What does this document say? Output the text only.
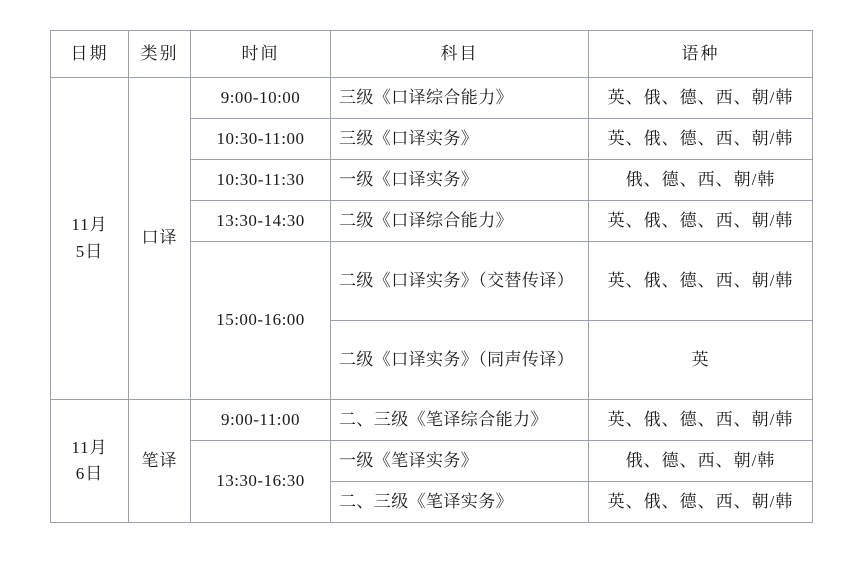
日期	类别	时间	科目	语种

11月
5日	口译	9:00-10:00	三级《口译综合能力》	英、俄、德、西、朝/韩
		10:30-11:00	三级《口译实务》	英、俄、德、西、朝/韩
		10:30-11:30	一级《口译实务》	俄、德、西、朝/韩
		13:30-14:30	二级《口译综合能力》	英、俄、德、西、朝/韩
		15:00-16:00	二级《口译实务》（交替传译）	英、俄、德、西、朝/韩
			二级《口译实务》（同声传译）	英

11月
6日	笔译	9:00-11:00	二、三级《笔译综合能力》	英、俄、德、西、朝/韩
		13:30-16:30	一级《笔译实务》	俄、德、西、朝/韩
			二、三级《笔译实务》	英、俄、德、西、朝/韩
